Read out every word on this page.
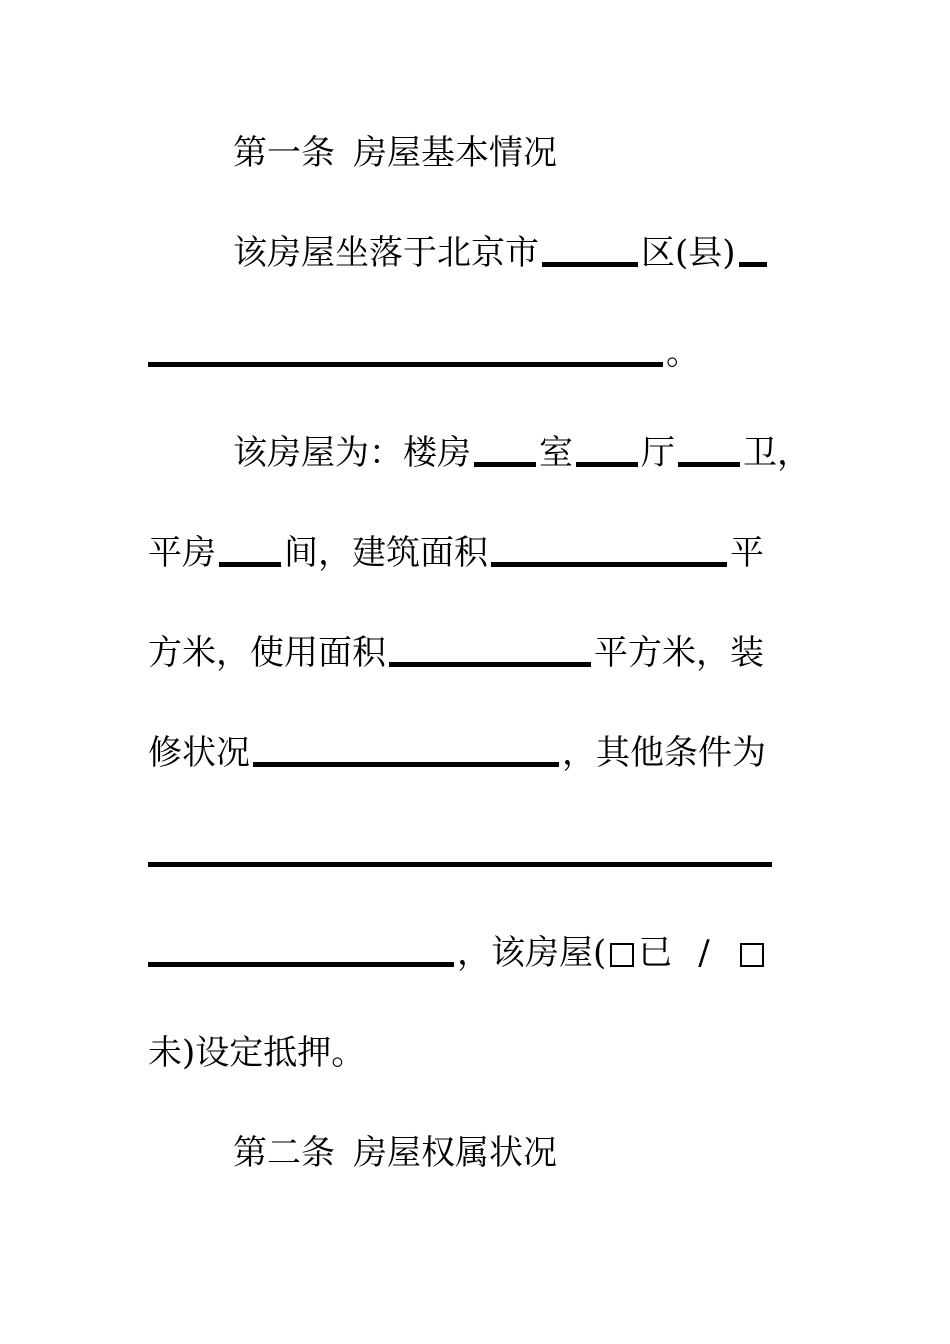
第一条 房屋基本情况
该房屋坐落于北京市	区(县)
。
该房屋为：楼房 室 厅 卫，
平房 间，建筑面积	平
方米，使用面积	平方米，装
修状况	，其他条件为
，该房屋( 已 /
未)设定抵押。
第二条 房屋权属状况
